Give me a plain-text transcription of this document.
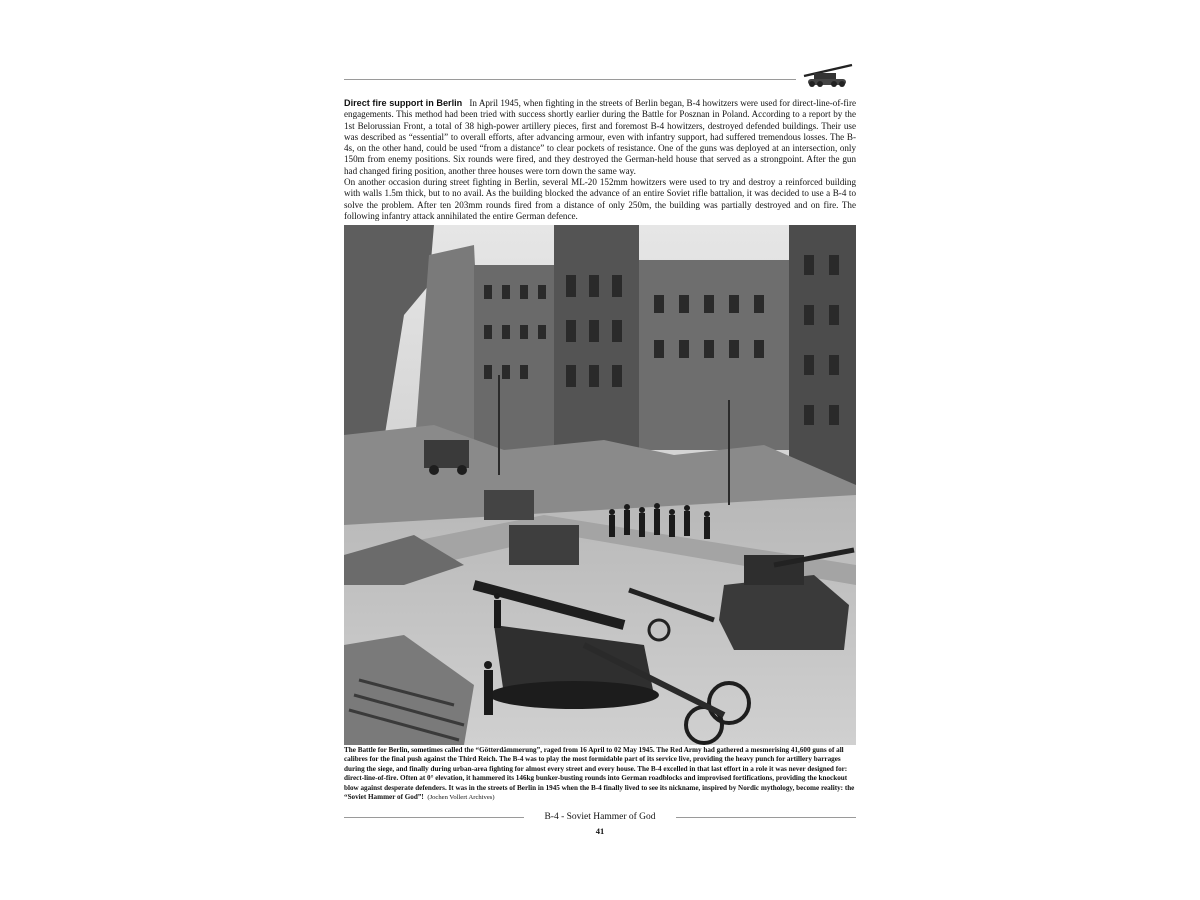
Direct fire support in Berlin In April 1945, when fighting in the streets of Berlin began, B-4 howitzers were used for direct-line-of-fire engagements. This method had been tried with success shortly earlier during the Battle for Posznan in Poland. According to a report by the 1st Belorussian Front, a total of 38 high-power artillery pieces, first and foremost B-4 howitzers, destroyed defended buildings. Their use was described as “essential” to overall efforts, after advancing armour, even with infantry support, had suffered tremendous losses. The B-4s, on the other hand, could be used “from a distance” to clear pockets of resistance. One of the guns was deployed at an intersection, only 150m from enemy positions. Six rounds were fired, and they destroyed the German-held house that served as a strongpoint. After the gun had changed firing position, another three houses were torn down the same way.

On another occasion during street fighting in Berlin, several ML-20 152mm howitzers were used to try and destroy a reinforced building with walls 1.5m thick, but to no avail. As the building blocked the advance of an entire Soviet rifle battalion, it was decided to use a B-4 to solve the problem. After ten 203mm rounds fired from a distance of only 250m, the building was partially destroyed and on fire. The following infantry attack annihilated the entire German defence.

The Battle for Berlin, sometimes called the “Götterdämmerung”, raged from 16 April to 02 May 1945. The Red Army had gathered a mesmerising 41,600 guns of all calibres for the final push against the Third Reich. The B-4 was to play the most formidable part of its service live, providing the heavy punch for artillery barrages during the siege, and finally during urban-area fighting for almost every street and every house. The B-4 excelled in that last effort in a role it was never designed for: direct-line-of-fire. Often at 0° elevation, it hammered its 146kg bunker-busting rounds into German roadblocks and improvised fortifications, providing the knockout blow against desperate defenders. It was in the streets of Berlin in 1945 when the B-4 finally lived to see its nickname, inspired by Nordic mythology, become reality: the “Soviet Hammer of God”! (Jochen Vollert Archives)
B-4 - Soviet Hammer of God
41
